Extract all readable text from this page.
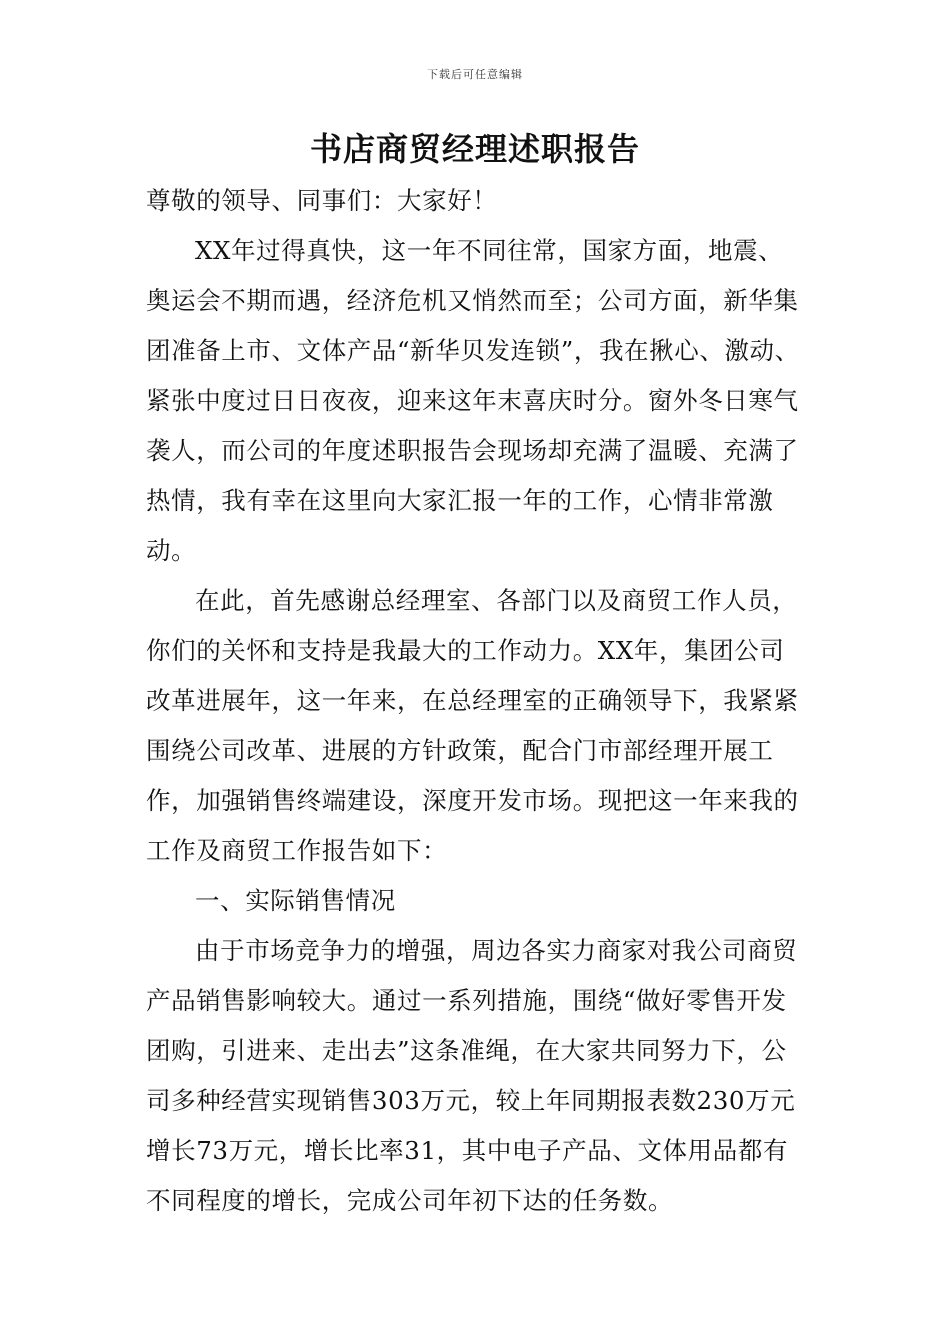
下载后可任意编辑
书店商贸经理述职报告

尊敬的领导、同事们：大家好！

XX年过得真快，这一年不同往常，国家方面，地震、奥运会不期而遇，经济危机又悄然而至；公司方面，新华集团准备上市、文体产品“新华贝发连锁”，我在揪心、激动、紧张中度过日日夜夜，迎来这年末喜庆时分。窗外冬日寒气袭人，而公司的年度述职报告会现场却充满了温暖、充满了热情，我有幸在这里向大家汇报一年的工作，心情非常激动。

在此，首先感谢总经理室、各部门以及商贸工作人员，你们的关怀和支持是我最大的工作动力。XX年，集团公司改革进展年，这一年来，在总经理室的正确领导下，我紧紧围绕公司改革、进展的方针政策，配合门市部经理开展工作，加强销售终端建设，深度开发市场。现把这一年来我的工作及商贸工作报告如下：

一、实际销售情况

由于市场竞争力的增强，周边各实力商家对我公司商贸产品销售影响较大。通过一系列措施，围绕“做好零售开发团购，引进来、走出去”这条准绳，在大家共同努力下，公司多种经营实现销售303万元，较上年同期报表数230万元增长73万元，增长比率31，其中电子产品、文体用品都有不同程度的增长，完成公司年初下达的任务数。
